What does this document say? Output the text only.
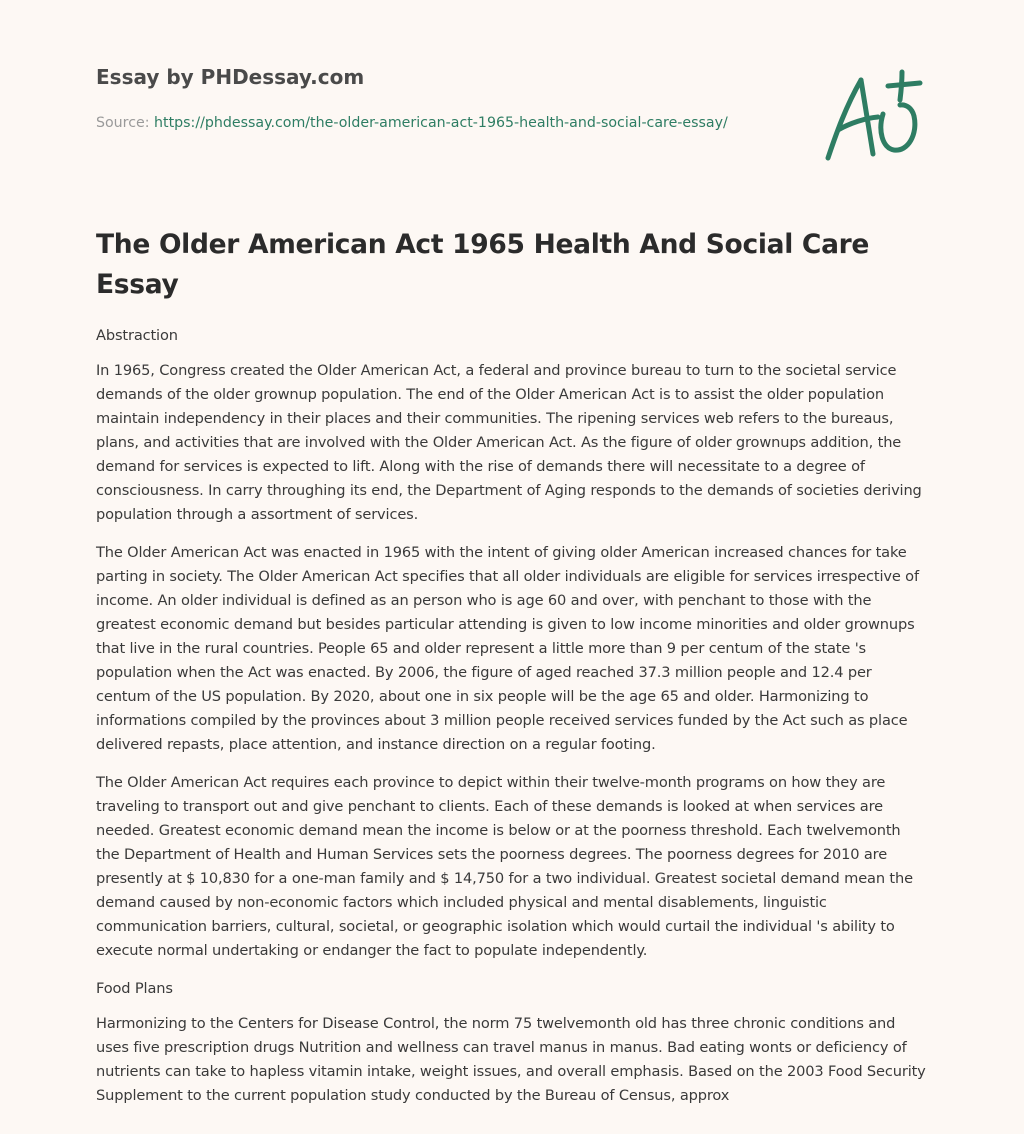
Essay by PHDessay.com
Source: https://phdessay.com/the-older-american-act-1965-health-and-social-care-essay/
The Older American Act 1965 Health And Social Care Essay

Abstraction

In 1965, Congress created the Older American Act, a federal and province bureau to turn to the societal service demands of the older grownup population. The end of the Older American Act is to assist the older population maintain independency in their places and their communities. The ripening services web refers to the bureaus, plans, and activities that are involved with the Older American Act. As the figure of older grownups addition, the demand for services is expected to lift. Along with the rise of demands there will necessitate to a degree of consciousness. In carry throughing its end, the Department of Aging responds to the demands of societies deriving population through a assortment of services.

The Older American Act was enacted in 1965 with the intent of giving older American increased chances for take parting in society. The Older American Act specifies that all older individuals are eligible for services irrespective of income. An older individual is defined as an person who is age 60 and over, with penchant to those with the greatest economic demand but besides particular attending is given to low income minorities and older grownups that live in the rural countries. People 65 and older represent a little more than 9 per centum of the state 's population when the Act was enacted. By 2006, the figure of aged reached 37.3 million people and 12.4 per centum of the US population. By 2020, about one in six people will be the age 65 and older. Harmonizing to informations compiled by the provinces about 3 million people received services funded by the Act such as place delivered repasts, place attention, and instance direction on a regular footing.

The Older American Act requires each province to depict within their twelve-month programs on how they are traveling to transport out and give penchant to clients. Each of these demands is looked at when services are needed. Greatest economic demand mean the income is below or at the poorness threshold. Each twelvemonth the Department of Health and Human Services sets the poorness degrees. The poorness degrees for 2010 are presently at $ 10,830 for a one-man family and $ 14,750 for a two individual. Greatest societal demand mean the demand caused by non-economic factors which included physical and mental disablements, linguistic communication barriers, cultural, societal, or geographic isolation which would curtail the individual 's ability to execute normal undertaking or endanger the fact to populate independently.

Food Plans

Harmonizing to the Centers for Disease Control, the norm 75 twelvemonth old has three chronic conditions and uses five prescription drugs Nutrition and wellness can travel manus in manus. Bad eating wonts or deficiency of nutrients can take to hapless vitamin intake, weight issues, and overall emphasis. Based on the 2003 Food Security Supplement to the current population study conducted by the Bureau of Census, approx
